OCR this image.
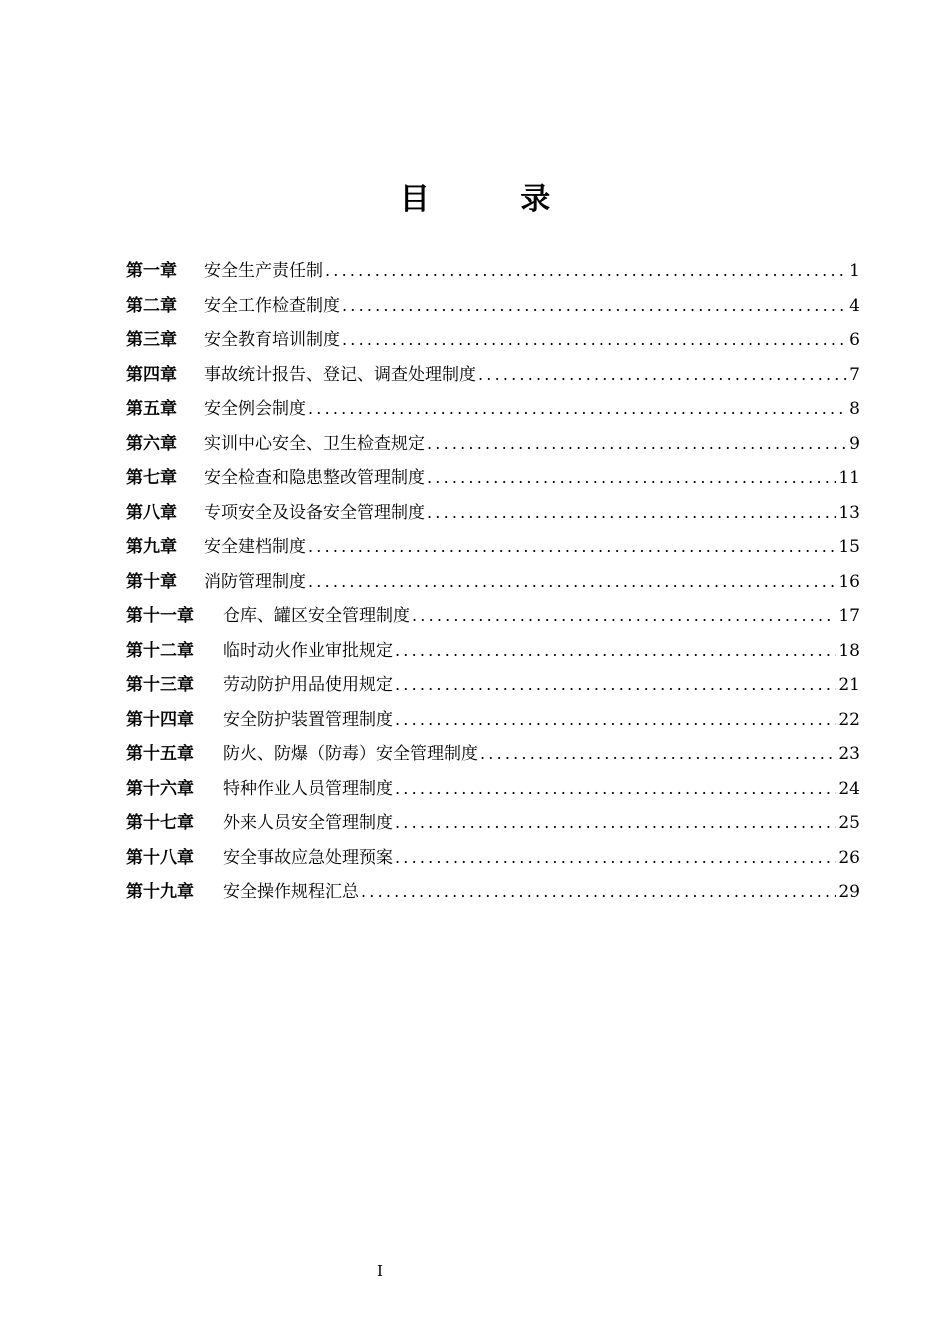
目 录
第一章	安全生产责任制 .....	1
第二章	安全工作检查制度 .....	4
第三章	安全教育培训制度 .....	6
第四章	事故统计报告、登记、调查处理制度 .....	7
第五章	安全例会制度 .....	8
第六章	实训中心安全、卫生检查规定 .....	9
第七章	安全检查和隐患整改管理制度 .....	11
第八章	专项安全及设备安全管理制度 .....	13
第九章	安全建档制度 .....	15
第十章	消防管理制度 .....	16
第十一章	仓库、罐区安全管理制度 .....	17
第十二章	临时动火作业审批规定 .....	18
第十三章	劳动防护用品使用规定 .....	21
第十四章	安全防护装置管理制度 .....	22
第十五章	防火、防爆（防毒）安全管理制度 .....	23
第十六章	特种作业人员管理制度 .....	24
第十七章	外来人员安全管理制度 .....	25
第十八章	安全事故应急处理预案 .....	26
第十九章	安全操作规程汇总 .....	29
I
